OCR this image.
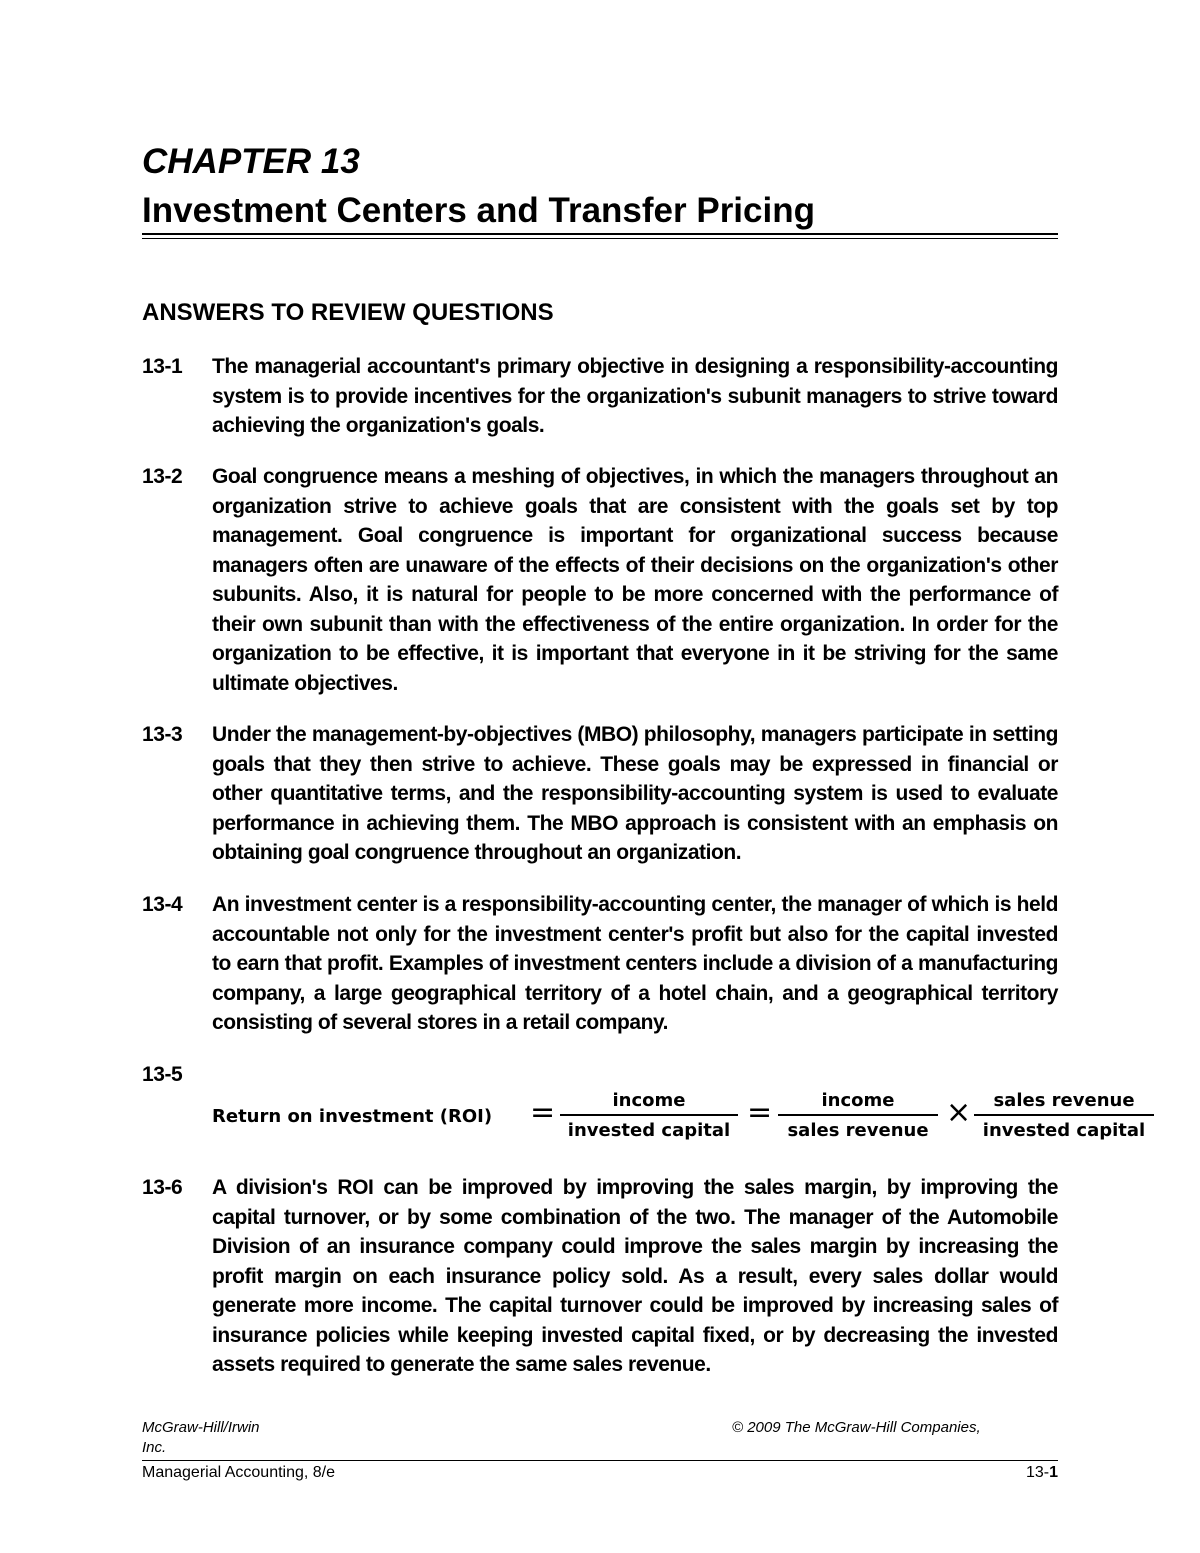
CHAPTER 13
Investment Centers and Transfer Pricing
ANSWERS TO REVIEW QUESTIONS
13-1	The managerial accountant's primary objective in designing a responsibility-accounting system is to provide incentives for the organization's subunit managers to strive toward achieving the organization's goals.
13-2	Goal congruence means a meshing of objectives, in which the managers throughout an organization strive to achieve goals that are consistent with the goals set by top management. Goal congruence is important for organizational success because managers often are unaware of the effects of their decisions on the organization's other subunits. Also, it is natural for people to be more concerned with the performance of their own subunit than with the effectiveness of the entire organization. In order for the organization to be effective, it is important that everyone in it be striving for the same ultimate objectives.
13-3	Under the management-by-objectives (MBO) philosophy, managers participate in setting goals that they then strive to achieve. These goals may be expressed in financial or other quantitative terms, and the responsibility-accounting system is used to evaluate performance in achieving them. The MBO approach is consistent with an emphasis on obtaining goal congruence throughout an organization.
13-4	An investment center is a responsibility-accounting center, the manager of which is held accountable not only for the investment center's profit but also for the capital invested to earn that profit. Examples of investment centers include a division of a manufacturing company, a large geographical territory of a hotel chain, and a geographical territory consisting of several stores in a retail company.
13-5
Return on investment (ROI) =	income
invested capital
=	income
sales revenue
×	sales revenue
invested capital
13-6	A division's ROI can be improved by improving the sales margin, by improving the capital turnover, or by some combination of the two. The manager of the Automobile Division of an insurance company could improve the sales margin by increasing the profit margin on each insurance policy sold. As a result, every sales dollar would generate more income. The capital turnover could be improved by increasing sales of insurance policies while keeping invested capital fixed, or by decreasing the invested assets required to generate the same sales revenue.
McGraw-Hill/Irwin
Inc.
© 2009 The McGraw-Hill Companies,
Managerial Accounting, 8/e	13-1
